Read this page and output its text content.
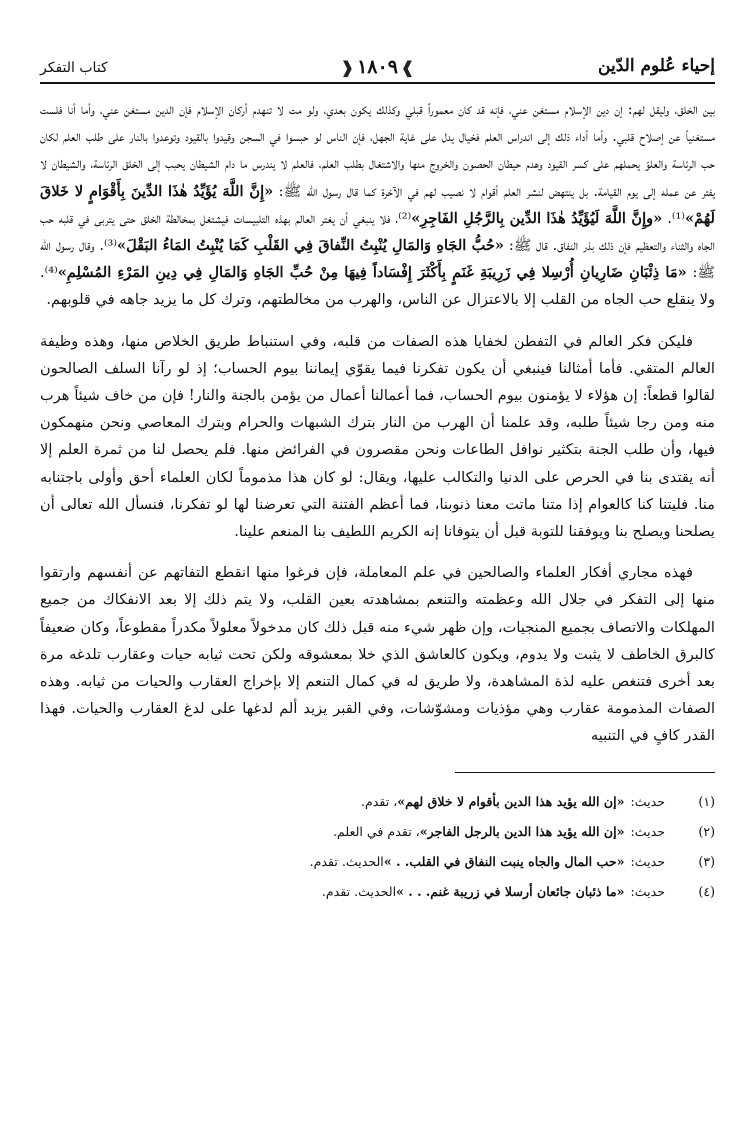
إحياء عُلوم الدّين
❱١٨٠٩❰
كتاب التفكر

بين الخلق، وليقل لهم: إن دين الإسلام مستغن عني، فإنه قد كان معموراً قبلي وكذلك يكون بعدي، ولو مت لا تنهدم أركان الإسلام فإن الدين مستغن عني، وأما أنا فلست مستغنياً عن إصلاح قلبي. وأما أداء ذلك إلى اندراس العلم فخيال يدل على غاية الجهل، فإن الناس لو حبسوا في السجن وقيدوا بالقيود وتوعدوا بالنار على طلب العلم لكان حب الرئاسة والعلوّ يحملهم على كسر القيود وهدم حيطان الحصون والخروج منها والاشتغال بطلب العلم، فالعلم لا يندرس ما دام الشيطان يحبب إلى الخلق الرئاسة، والشيطان لا يفتر عن عمله إلى يوم القيامة. بل ينتهض لنشر العلم أقوام لا نصيب لهم في الآخرة كما قال رسول الله ﷺ: «إِنَّ اللَّهَ يُؤَيِّدُ هٰذَا الدِّينَ بِأَقْوَامٍ لا خَلاقَ لَهُمْ»⁽¹⁾. «وإِنَّ اللَّهَ لَيُؤَيِّدُ هٰذَا الدِّين بِالرَّجُلِ الفَاجِرِ»⁽²⁾، فلا ينبغي أن يغتر العالم بهذه التلبيسات فيشتغل بمخالطة الخلق حتى يتربى في قلبه حب الجاه والثناء والتعظيم فإن ذلك بذر النفاق. قال ﷺ: «حُبُّ الجَاهِ وَالمَالِ يُنْبِتُ النِّفاقَ فِي القَلْبِ كَمَا يُنْبِتُ المَاءُ البَقْلَ»⁽³⁾. وقال رسول الله ﷺ: «مَا ذِئْبَانِ ضَارِيانِ أُرْسِلا فِي زَرِيبَةِ غَنَمٍ بِأَكْثَرَ إِفْسَاداً فِيهَا مِنْ حُبِّ الجَاهِ وَالمَالِ فِي دِينِ المَرْءِ المُسْلِمِ»⁽⁴⁾. ولا ينقلع حب الجاه من القلب إلا بالاعتزال عن الناس، والهرب من مخالطتهم، وترك كل ما يزيد جاهه في قلوبهم.

فليكن فكر العالم في التفطن لخفايا هذه الصفات من قلبه، وفي استنباط طريق الخلاص منها، وهذه وظيفة العالم المتقي. فأما أمثالنا فينبغي أن يكون تفكرنا فيما يقوّي إيماننا بيوم الحساب؛ إذ لو رآنا السلف الصالحون لقالوا قطعاً: إن هؤلاء لا يؤمنون بيوم الحساب، فما أعمالنا أعمال من يؤمن بالجنة والنار! فإن من خاف شيئاً هرب منه ومن رجا شيئاً طلبه، وقد علمنا أن الهرب من النار بترك الشبهات والحرام وبترك المعاصي ونحن منهمكون فيها، وأن طلب الجنة بتكثير نوافل الطاعات ونحن مقصرون في الفرائض منها. فلم يحصل لنا من ثمرة العلم إلا أنه يقتدى بنا في الحرص على الدنيا والتكالب عليها، ويقال: لو كان هذا مذموماً لكان العلماء أحق وأولى باجتنابه منا. فليتنا كنا كالعوام إذا متنا ماتت معنا ذنوبنا، فما أعظم الفتنة التي تعرضنا لها لو تفكرنا، فنسأل الله تعالى أن يصلحنا ويصلح بنا ويوفقنا للتوبة قبل أن يتوفانا إنه الكريم اللطيف بنا المنعم علينا.

فهذه مجاري أفكار العلماء والصالحين في علم المعاملة، فإن فرغوا منها انقطع التفاتهم عن أنفسهم وارتقوا منها إلى التفكر في جلال الله وعظمته والتنعم بمشاهدته بعين القلب، ولا يتم ذلك إلا بعد الانفكاك من جميع المهلكات والاتصاف بجميع المنجيات، وإن ظهر شيء منه قبل ذلك كان مدخولاً معلولاً مكدراً مقطوعاً، وكان ضعيفاً كالبرق الخاطف لا يثبت ولا يدوم، ويكون كالعاشق الذي خلا بمعشوقه ولكن تحت ثيابه حيات وعقارب تلدغه مرة بعد أخرى فتنغص عليه لذة المشاهدة، ولا طريق له في كمال التنعم إلا بإخراج العقارب والحيات من ثيابه. وهذه الصفات المذمومة عقارب وهي مؤذيات ومشوّشات، وفي القبر يزيد ألم لدغها على لدغ العقارب والحيات. فهذا القدر كافٍ في التنبيه

(١)
حديث:
«إن الله يؤيد هذا الدين بأقوام لا خلاق لهم»
، تقدم.
(٢)
حديث:
«إن الله يؤيد هذا الدين بالرجل الفاجر»
، تقدم في العلم.
(٣)
حديث:
«حب المال والجاه ينبت النفاق في القلب. . »
الحديث. تقدم.
(٤)
حديث:
«ما ذئبان جائعان أرسلا في زريبة غنم. . . »
الحديث. تقدم.
